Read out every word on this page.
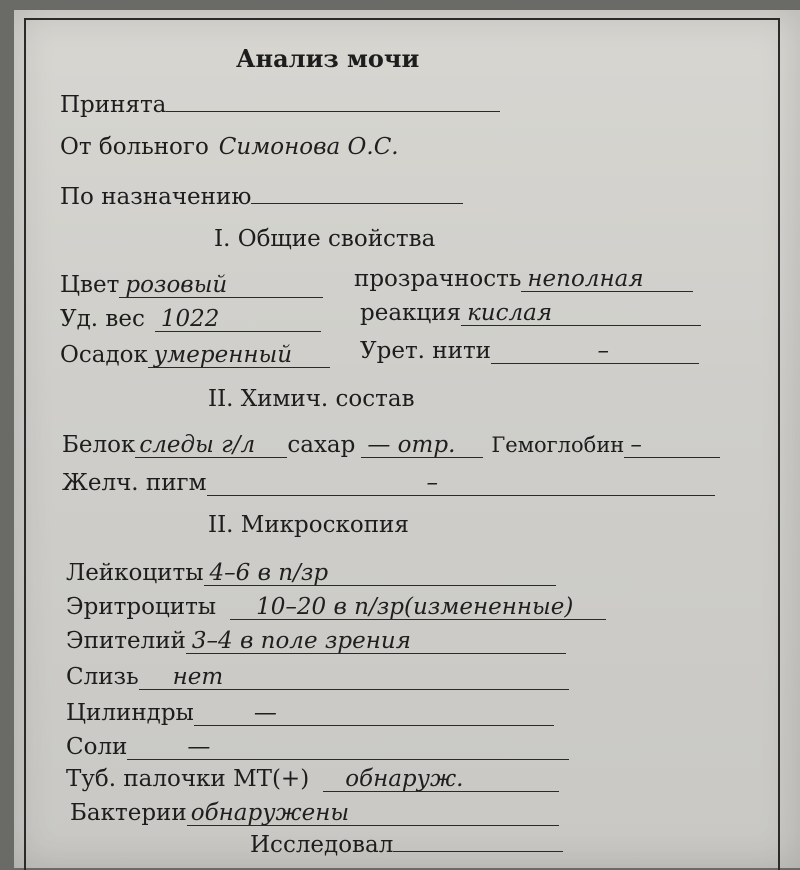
Анализ мочи
Принята
От больного Симонова О.С.
По назначению
I. Общие свойства
Цвет розовый	прозрачность неполная
Уд. вес 1022	реакция кислая
Осадок умеренный	Урет. нити	–
II. Химич. состав
Белок следы г/л	сахар — отр.	Гемоглобин –
Желч. пигм	–
II. Микроскопия
Лейкоциты 4–6 в п/зр
Эритроциты	10–20 в п/зр(измененные)
Эпителий 3–4 в поле зрения
Слизь	нет
Цилиндры	—
Соли	—
Туб. палочки МТ(+)	обнаруж.
Бактерии обнаружены
Исследовал
